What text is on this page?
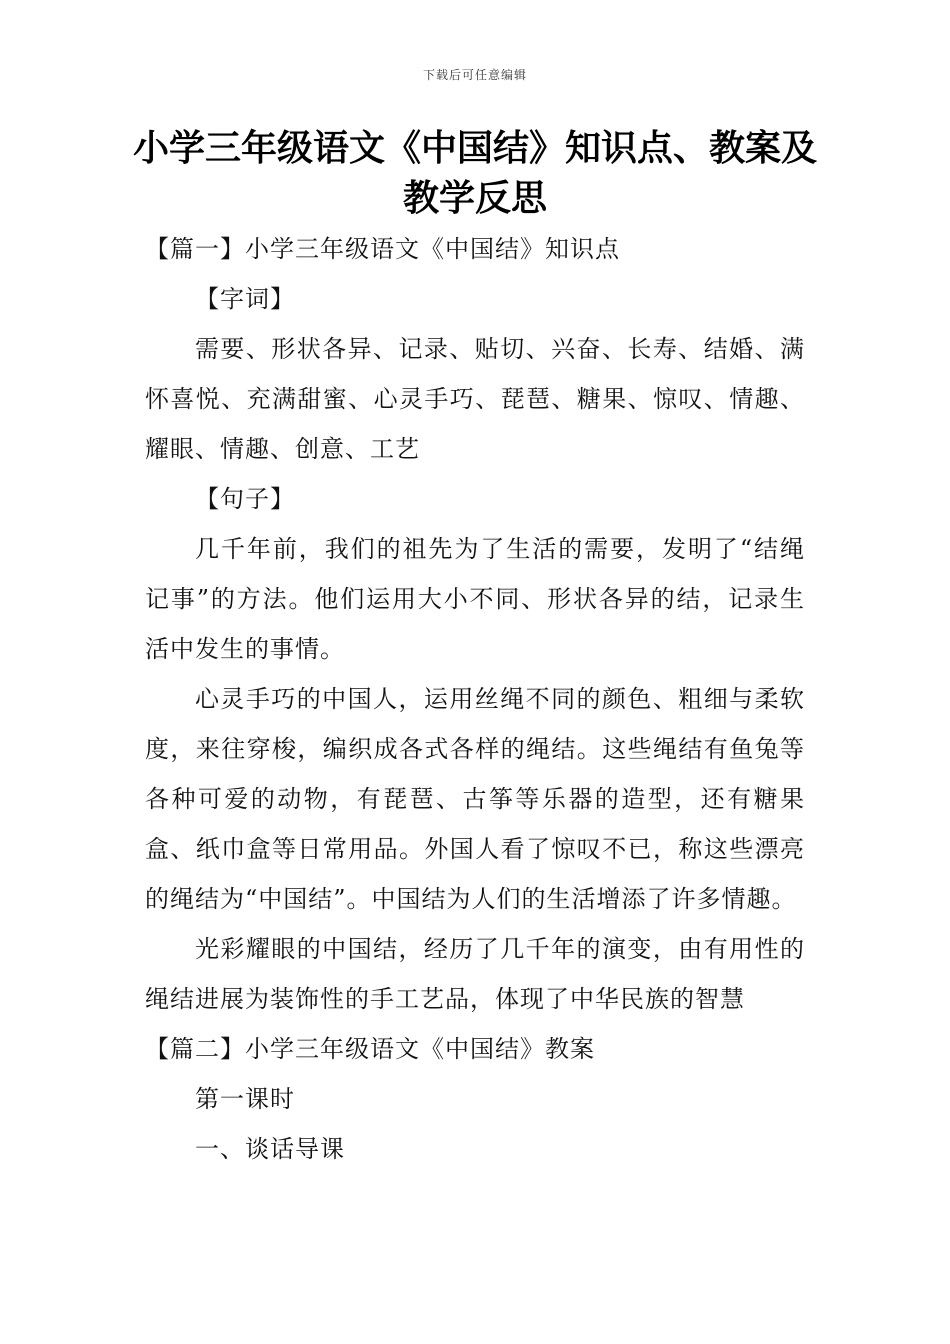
下载后可任意编辑
小学三年级语文《中国结》知识点、教案及教学反思

【篇一】小学三年级语文《中国结》知识点

【字词】

需要、形状各异、记录、贴切、兴奋、长寿、结婚、满怀喜悦、充满甜蜜、心灵手巧、琵琶、糖果、惊叹、情趣、耀眼、情趣、创意、工艺

【句子】

几千年前，我们的祖先为了生活的需要，发明了“结绳记事”的方法。他们运用大小不同、形状各异的结，记录生活中发生的事情。

心灵手巧的中国人，运用丝绳不同的颜色、粗细与柔软度，来往穿梭，编织成各式各样的绳结。这些绳结有鱼兔等各种可爱的动物，有琵琶、古筝等乐器的造型，还有糖果盒、纸巾盒等日常用品。外国人看了惊叹不已，称这些漂亮的绳结为“中国结”。中国结为人们的生活增添了许多情趣。

光彩耀眼的中国结，经历了几千年的演变，由有用性的绳结进展为装饰性的手工艺品，体现了中华民族的智慧

【篇二】小学三年级语文《中国结》教案

第一课时

一、谈话导课
